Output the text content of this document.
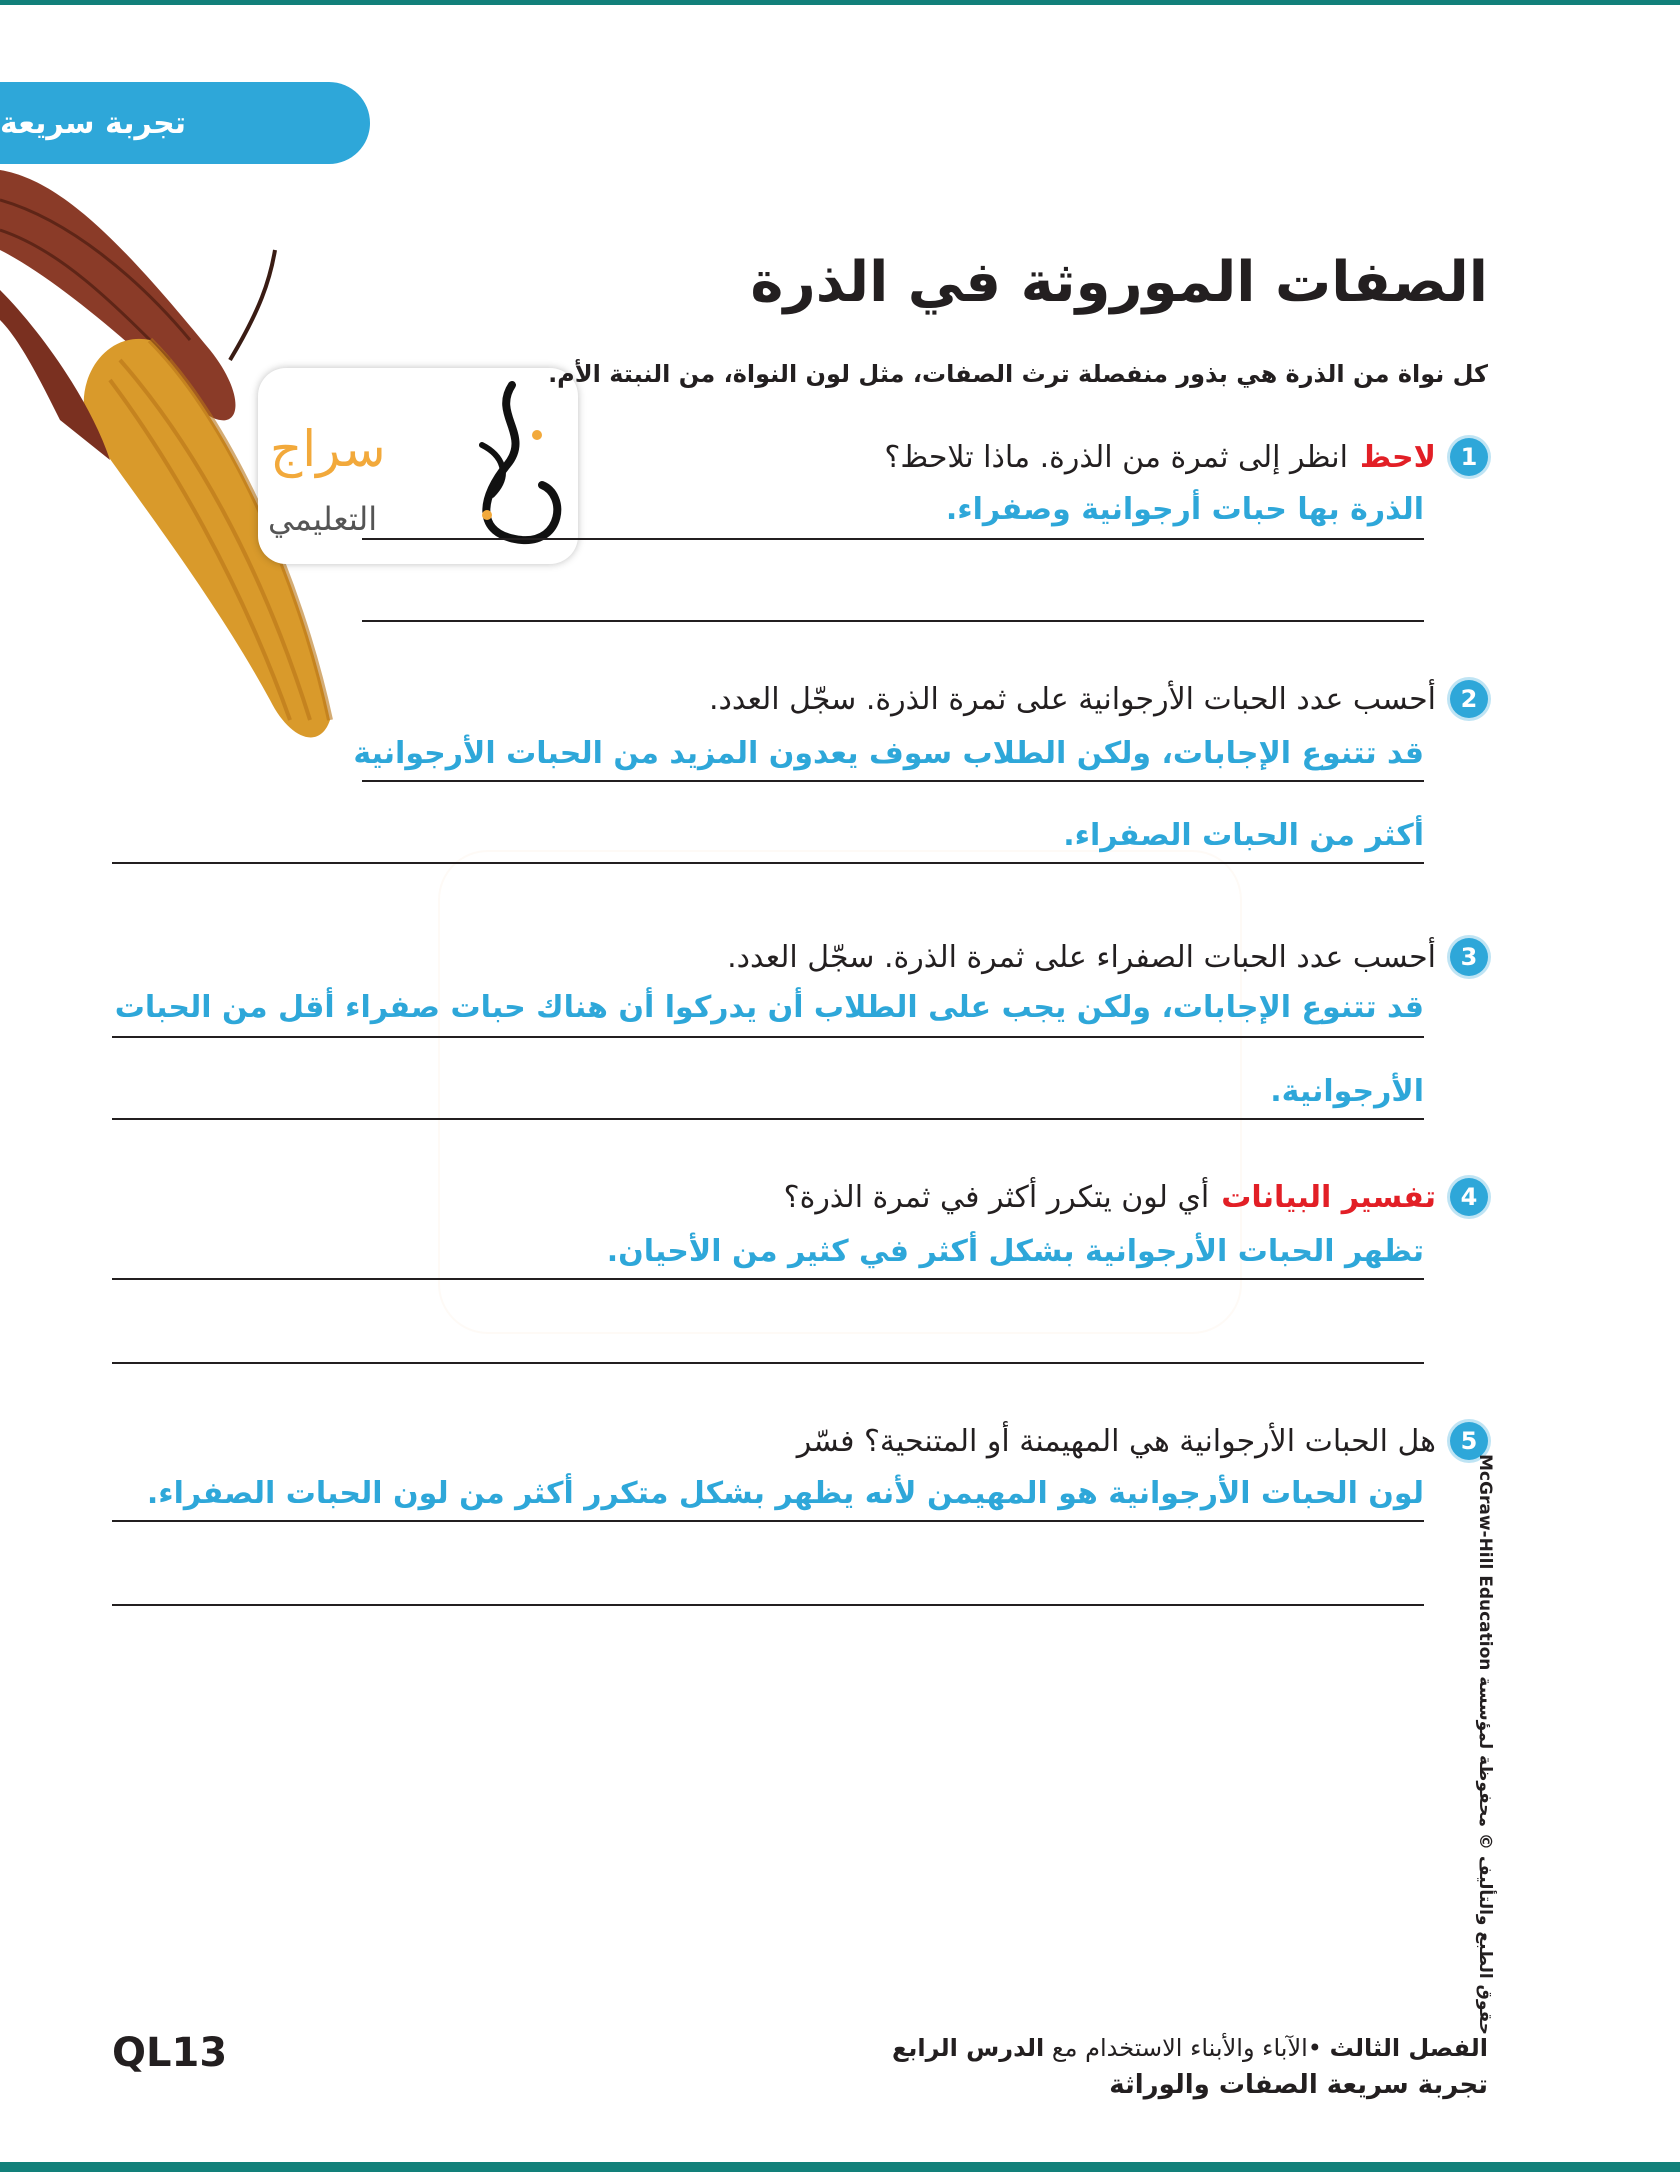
تجربة سريعة
سراج
التعليمي
الصفات الموروثة في الذرة
كل نواة من الذرة هي بذور منفصلة ترث الصفات، مثل لون النواة، من النبتة الأم.
1
لاحظ
انظر إلى ثمرة من الذرة. ماذا تلاحظ؟
الذرة بها حبات أرجوانية وصفراء.
2
أحسب عدد الحبات الأرجوانية على ثمرة الذرة. سجّل العدد.
قد تتنوع الإجابات، ولكن الطلاب سوف يعدون المزيد من الحبات الأرجوانية
أكثر من الحبات الصفراء.
3
أحسب عدد الحبات الصفراء على ثمرة الذرة. سجّل العدد.
قد تتنوع الإجابات، ولكن يجب على الطلاب أن يدركوا أن هناك حبات صفراء أقل من الحبات
الأرجوانية.
4
تفسير البيانات
أي لون يتكرر أكثر في ثمرة الذرة؟
تظهر الحبات الأرجوانية بشكل أكثر في كثير من الأحيان.
5
هل الحبات الأرجوانية هي المهيمنة أو المتنحية؟ فسّر
لون الحبات الأرجوانية هو المهيمن لأنه يظهر بشكل متكرر أكثر من لون الحبات الصفراء.	حقوق الطبع والتأليف © محفوظة لمؤسسة McGraw-Hill Education
QL13	الفصل الثالث •الآباء والأبناء الاستخدام مع الدرس الرابع
تجربة سريعة الصفات والوراثة
